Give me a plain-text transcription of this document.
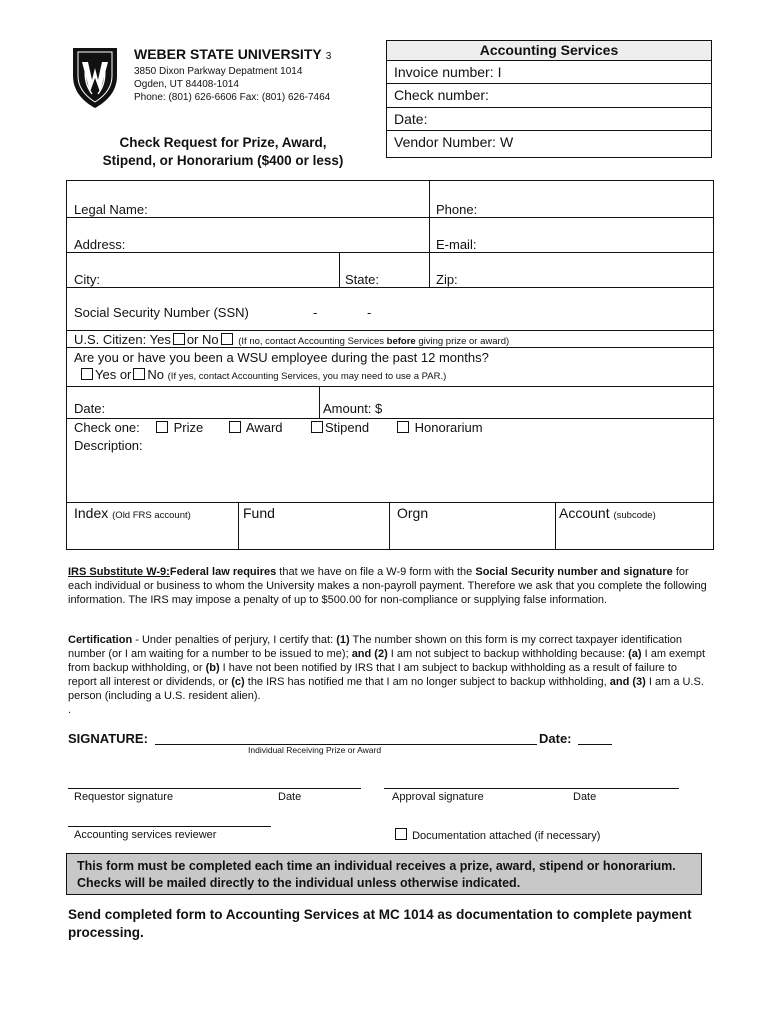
WEBER STATE UNIVERSITY 3
3850 Dixon Parkway Depatment 1014
Ogden, UT 84408-1014
Phone: (801) 626-6606 Fax: (801) 626-7464
Check Request for Prize, Award,
Stipend, or Honorarium ($400 or less)
Accounting Services
Invoice number: I
Check number:
Date:
Vendor Number: W
Legal Name:	Phone:
Address:	E-mail:
City:	State:	Zip:
Social Security Number (SSN)	-	-
U.S. Citizen: Yes or No (If no, contact Accounting Services before giving prize or award)
Are you or have you been a WSU employee during the past 12 months?
Yes or No (If yes, contact Accounting Services, you may need to use a PAR.)
Date:	Amount: $
Check one:	Prize	Award	Stipend	Honorarium
Description:
Index (Old FRS account)	Fund	Orgn	Account (subcode)
IRS Substitute W-9:Federal law requires that we have on file a W-9 form with the Social Security number and signature for each individual or business to whom the University makes a non-payroll payment. Therefore we ask that you complete the following information. The IRS may impose a penalty of up to $500.00 for non-compliance or supplying false information.
Certification - Under penalties of perjury, I certify that: (1) The number shown on this form is my correct taxpayer identification number (or I am waiting for a number to be issued to me); and (2) I am not subject to backup withholding because: (a) I am exempt from backup withholding, or (b) I have not been notified by IRS that I am subject to backup withholding as a result of failure to report all interest or dividends, or (c) the IRS has notified me that I am no longer subject to backup withholding, and (3) I am a U.S. person (including a U.S. resident alien).
.
SIGNATURE:	Date:
Individual Receiving Prize or Award
Requestor signature	Date	Approval signature	Date
Accounting services reviewer	Documentation attached (if necessary)
This form must be completed each time an individual receives a prize, award, stipend or honorarium. Checks will be mailed directly to the individual unless otherwise indicated.
Send completed form to Accounting Services at MC 1014 as documentation to complete payment processing.
